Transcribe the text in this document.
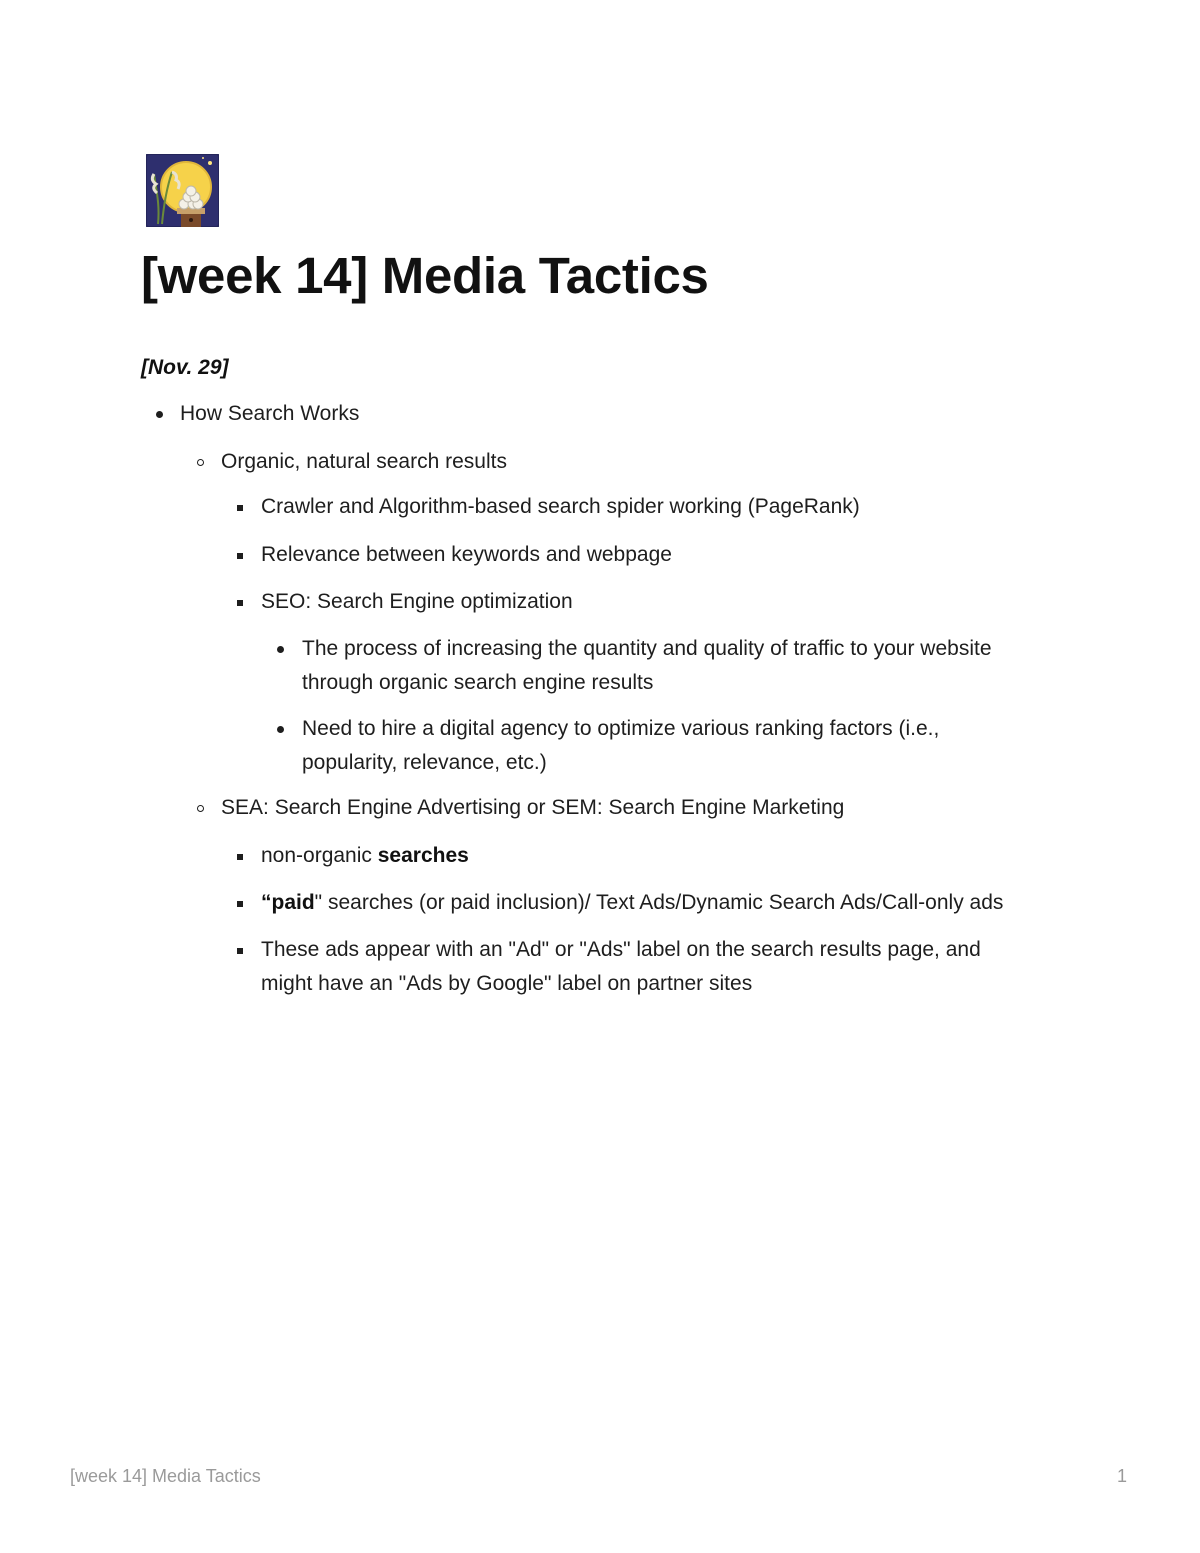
[week 14] Media Tactics
[Nov. 29]
How Search Works
Organic, natural search results
Crawler and Algorithm-based search spider working (PageRank)
Relevance between keywords and webpage
SEO: Search Engine optimization
The process of increasing the quantity and quality of traffic to your website
through organic search engine results
Need to hire a digital agency to optimize various ranking factors (i.e.,
popularity, relevance, etc.)
SEA: Search Engine Advertising or SEM: Search Engine Marketing
non-organic searches
“paid" searches (or paid inclusion)/ Text Ads/Dynamic Search Ads/Call-only ads
These ads appear with an "Ad" or "Ads" label on the search results page, and
might have an "Ads by Google" label on partner sites
[week 14] Media Tactics	1
